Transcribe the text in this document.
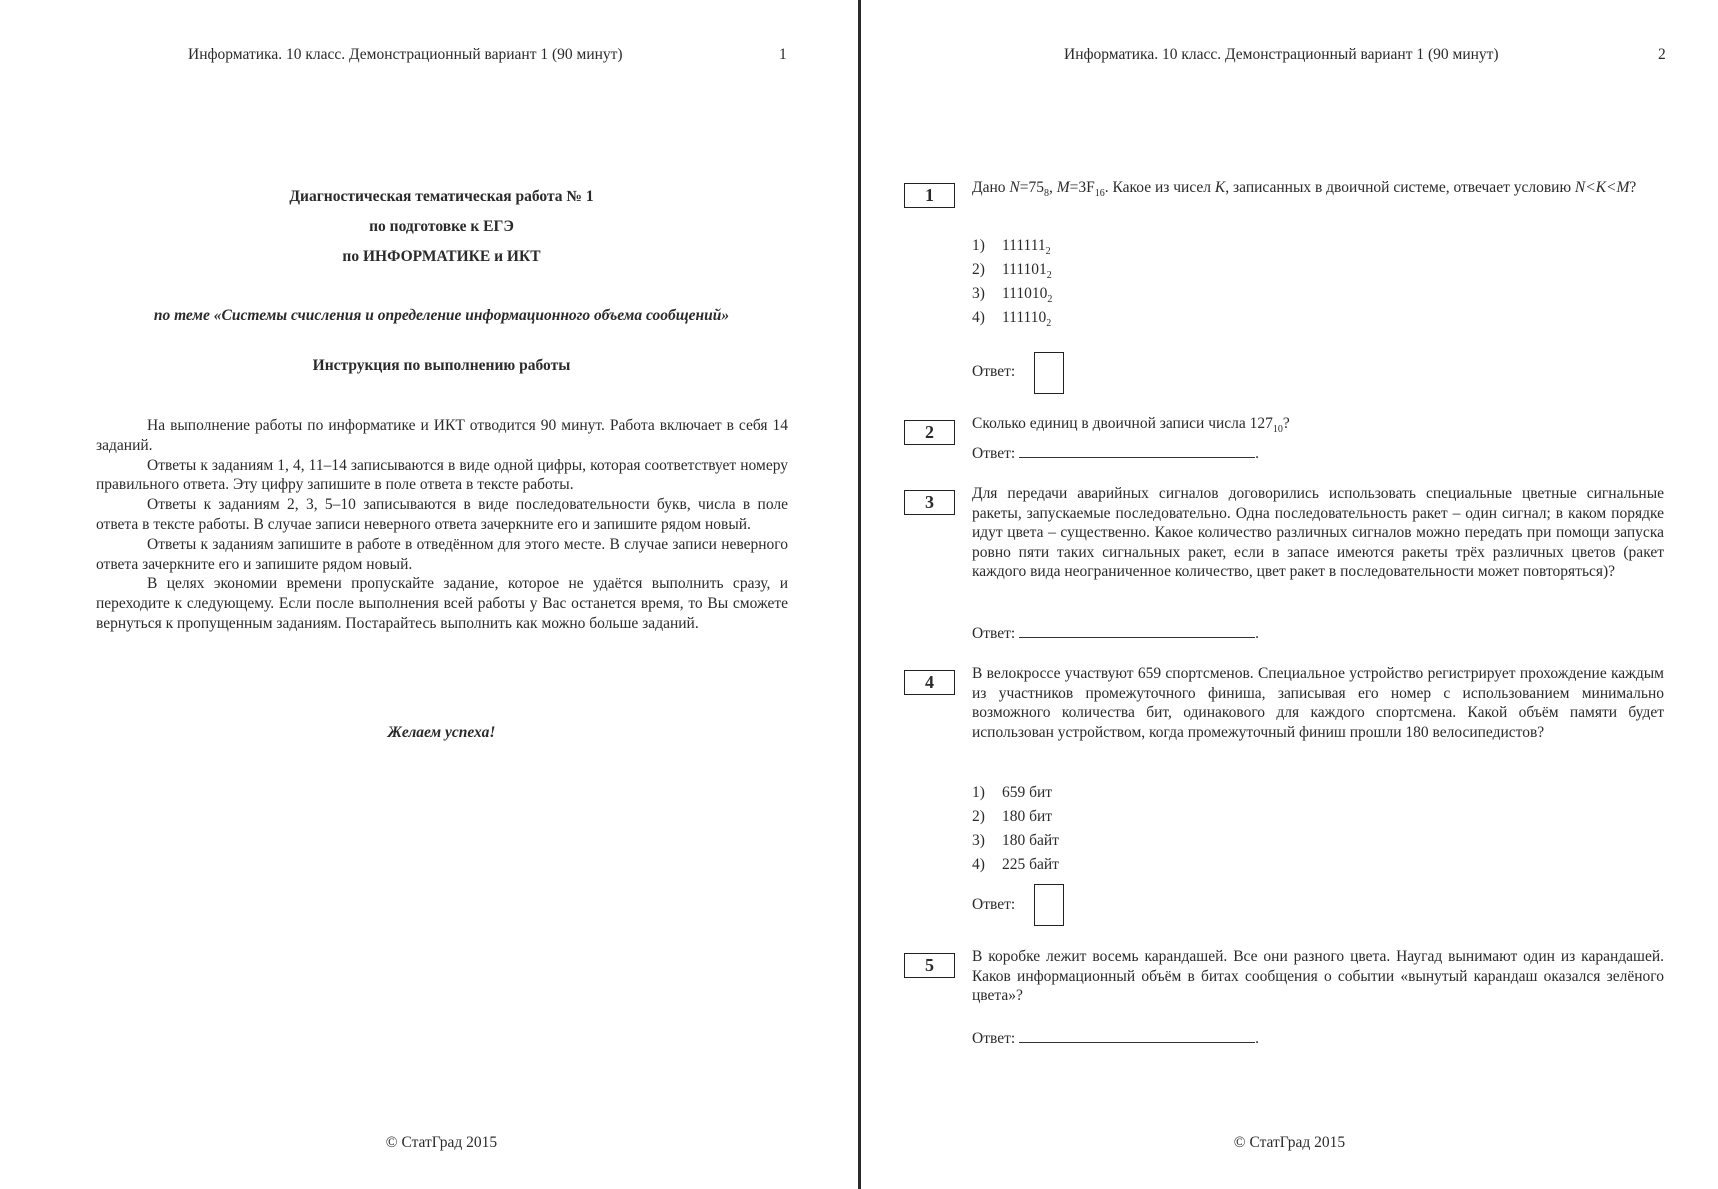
Информатика. 10 класс. Демонстрационный вариант 1 (90 минут)	1
Диагностическая тематическая работа № 1
по подготовке к ЕГЭ
по ИНФОРМАТИКЕ и ИКТ
по теме «Системы счисления и определение информационного объема сообщений»
Инструкция по выполнению работы

На выполнение работы по информатике и ИКТ отводится 90 минут. Работа включает в себя 14 заданий.

Ответы к заданиям 1, 4, 11–14 записываются в виде одной цифры, которая соответствует номеру правильного ответа. Эту цифру запишите в поле ответа в тексте работы.

Ответы к заданиям 2, 3, 5–10 записываются в виде последовательности букв, числа в поле ответа в тексте работы. В случае записи неверного ответа зачеркните его и запишите рядом новый.

Ответы к заданиям запишите в работе в отведённом для этого месте. В случае записи неверного ответа зачеркните его и запишите рядом новый.

В целях экономии времени пропускайте задание, которое не удаётся выполнить сразу, и переходите к следующему. Если после выполнения всей работы у Вас останется время, то Вы сможете вернуться к пропущенным заданиям. Постарайтесь выполнить как можно больше заданий.

Желаем успеха!
© СтатГрад 2015
Информатика. 10 класс. Демонстрационный вариант 1 (90 минут)	2
1	Дано $N=75_8$, $M=3F_{16}$. Какое из чисел K, записанных в двоичной системе, отвечает условию N<K<M?
1) $111111_2$
2) $111101_2$
3) $111010_2$
4) $111110_2$
Ответ:
2	Сколько единиц в двоичной записи числа $127_{10}$?
Ответ:	.
3	Для передачи аварийных сигналов договорились использовать специальные цветные сигнальные ракеты, запускаемые последовательно. Одна последовательность ракет – один сигнал; в каком порядке идут цвета – существенно. Какое количество различных сигналов можно передать при помощи запуска ровно пяти таких сигнальных ракет, если в запасе имеются ракеты трёх различных цветов (ракет каждого вида неограниченное количество, цвет ракет в последовательности может повторяться)?
Ответ:	.
4	В велокроссе участвуют 659 спортсменов. Специальное устройство регистрирует прохождение каждым из участников промежуточного финиша, записывая его номер с использованием минимально возможного количества бит, одинакового для каждого спортсмена. Какой объём памяти будет использован устройством, когда промежуточный финиш прошли 180 велосипедистов?
1) 659 бит
2) 180 бит
3) 180 байт
4) 225 байт
Ответ:
5	В коробке лежит восемь карандашей. Все они разного цвета. Наугад вынимают один из карандашей. Каков информационный объём в битах сообщения о событии «вынутый карандаш оказался зелёного цвета»?
Ответ:	.
© СтатГрад 2015
